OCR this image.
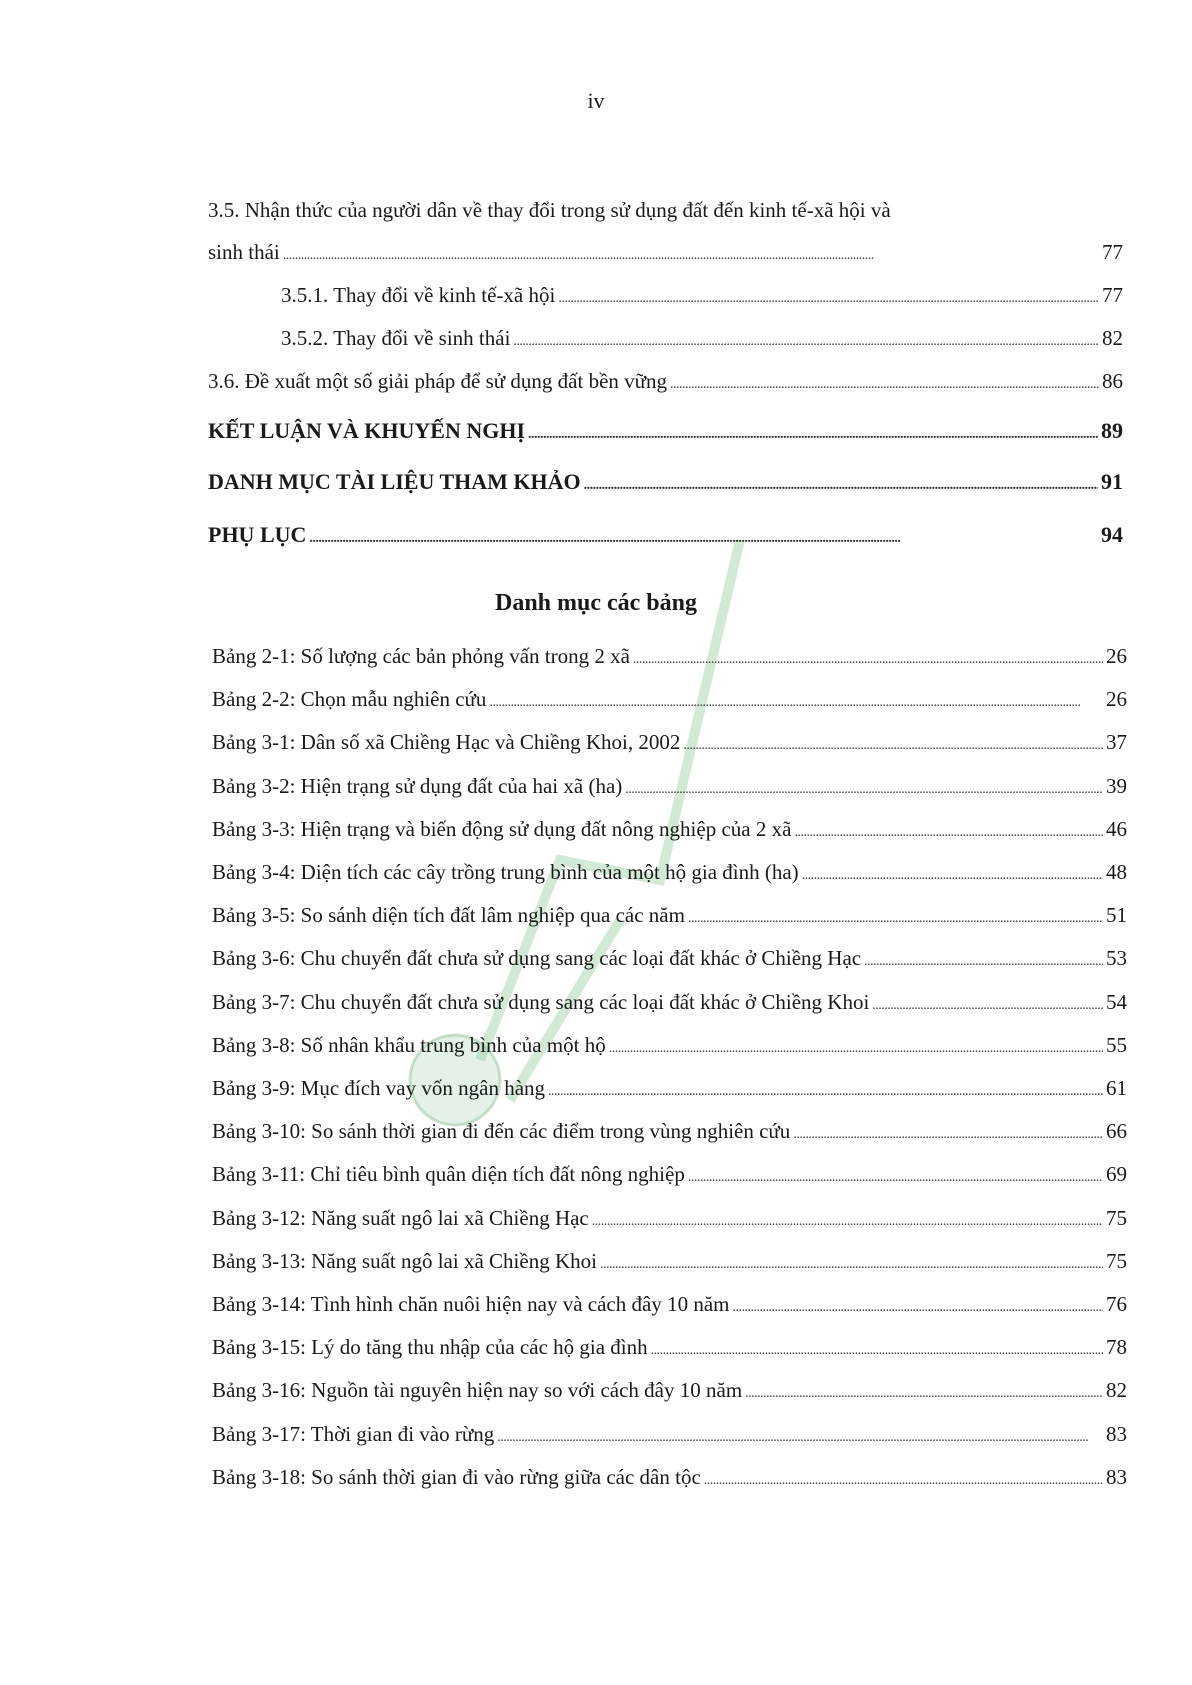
iv
3.5. Nhận thức của người dân về thay đổi trong sử dụng đất đến kinh tế-xã hội và
sinh thái . . .	77
3.5.1. Thay đổi về kinh tế-xã hội . . .	77
3.5.2. Thay đổi về sinh thái . . .	82
3.6. Đề xuất một số giải pháp để sử dụng đất bền vững . . .	86
KẾT LUẬN VÀ KHUYẾN NGHỊ . . .	89
DANH MỤC TÀI LIỆU THAM KHẢO . . .	91
PHỤ LỤC . . .	94
Danh mục các bảng
Bảng 2-1: Số lượng các bản phỏng vấn trong 2 xã . . .	26
Bảng 2-2: Chọn mẫu nghiên cứu . . .	26
Bảng 3-1: Dân số xã Chiềng Hạc và Chiềng Khoi, 2002 . . .	37
Bảng 3-2: Hiện trạng sử dụng đất của hai xã (ha) . . .	39
Bảng 3-3: Hiện trạng và biến động sử dụng đất nông nghiệp của 2 xã . . .	46
Bảng 3-4: Diện tích các cây trồng trung bình của một hộ gia đình (ha) . . .	48
Bảng 3-5: So sánh diện tích đất lâm nghiệp qua các năm . . .	51
Bảng 3-6: Chu chuyển đất chưa sử dụng sang các loại đất khác ở Chiềng Hạc . . .	53
Bảng 3-7: Chu chuyển đất chưa sử dụng sang các loại đất khác ở Chiềng Khoi . . .	54
Bảng 3-8: Số nhân khẩu trung bình của một hộ . . .	55
Bảng 3-9: Mục đích vay vốn ngân hàng . . .	61
Bảng 3-10: So sánh thời gian đi đến các điểm trong vùng nghiên cứu . . .	66
Bảng 3-11: Chỉ tiêu bình quân diện tích đất nông nghiệp . . .	69
Bảng 3-12: Năng suất ngô lai xã Chiềng Hạc . . .	75
Bảng 3-13: Năng suất ngô lai xã Chiềng Khoi . . .	75
Bảng 3-14: Tình hình chăn nuôi hiện nay và cách đây 10 năm . . .	76
Bảng 3-15: Lý do tăng thu nhập của các hộ gia đình . . .	78
Bảng 3-16: Nguồn tài nguyên hiện nay so với cách đây 10 năm . . .	82
Bảng 3-17: Thời gian đi vào rừng . . .	83
Bảng 3-18: So sánh thời gian đi vào rừng giữa các dân tộc . . .	83
